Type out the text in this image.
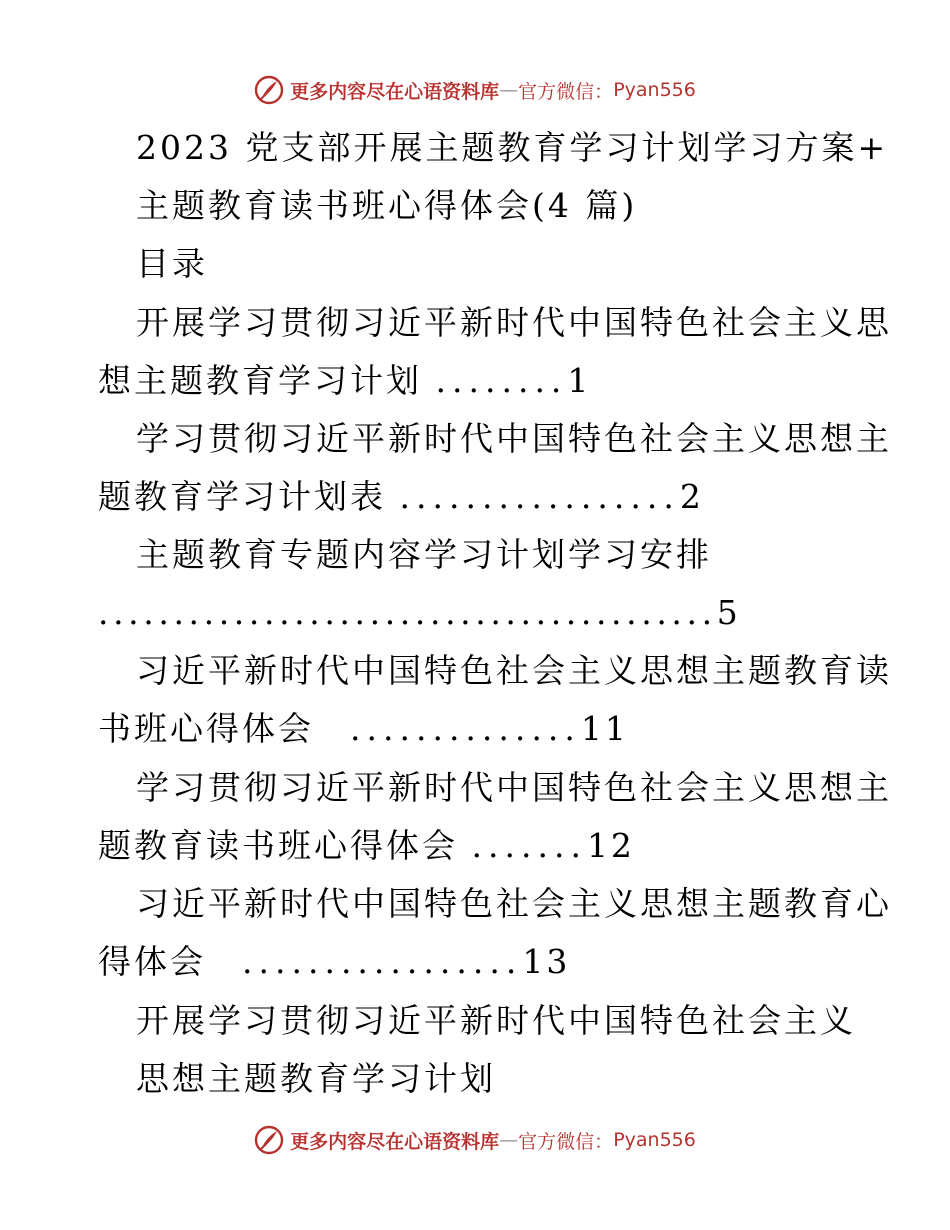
更多内容尽在心语资料库 — 官方微信： Pyan556
2023 党支部开展主题教育学习计划学习方案+
主题教育读书班心得体会(4 篇)
目录
开展学习贯彻习近平新时代中国特色社会主义思
想主题教育学习计划 ........1
学习贯彻习近平新时代中国特色社会主义思想主
题教育学习计划表 .................2
主题教育专题内容学习计划学习安排
.........................................5
习近平新时代中国特色社会主义思想主题教育读
书班心得体会 ..............11
学习贯彻习近平新时代中国特色社会主义思想主
题教育读书班心得体会 .......12
习近平新时代中国特色社会主义思想主题教育心
得体会 .................13
开展学习贯彻习近平新时代中国特色社会主义
思想主题教育学习计划
更多内容尽在心语资料库 — 官方微信： Pyan556
